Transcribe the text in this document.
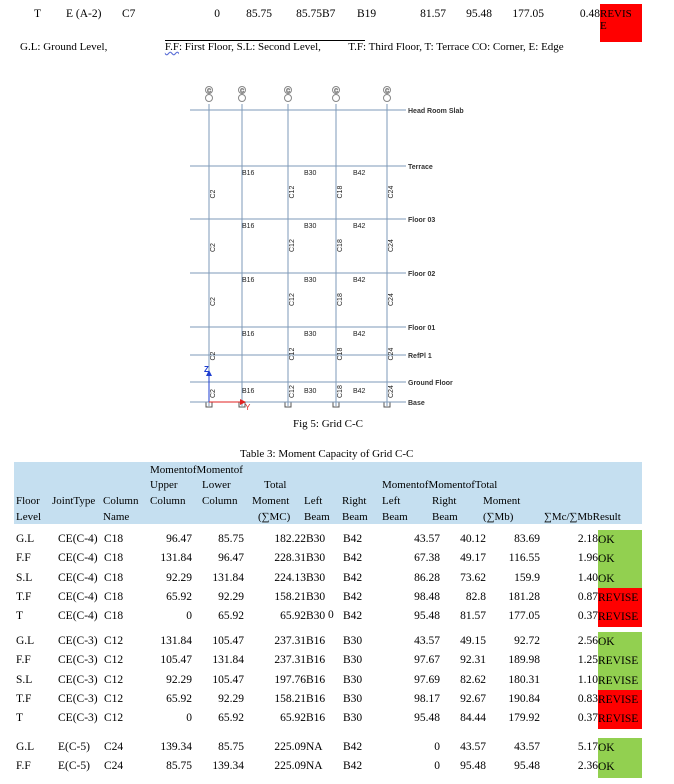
T E (A-2) C7	0	85.75	85.75 B7 B19	81.57	95.48	177.05	0.48 REVIS
E
G.L: Ground Level,	F.F: First Floor, S.L: Second Level, T.F: Third Floor, T: Terrace CO: Corner, E: Edge
C	C	C	C	C
Head Room Slab
Terrace
Floor 03
Floor 02
Floor 01
RefPl 1
Ground Floor
Base
B16	B30	B42
C2	C12	C18	C24
B16	B30	B42
C2	C12	C18	C24
B16	B30	B42
C2	C12	C18	C24
B16	B30	B42
C2	C12	C18	C24
B16	B30	B42
C2	C12	C18	C24
Z
Y
Fig 5: Grid C-C
Table 3: Moment Capacity of Grid C-C
MomentofMomentof
Upper Lower	Total	MomentofMomentofTotal
Floor JointType Column Column Column Moment Left Right Left	Right Moment
Level	Name	(∑MC) Beam Beam Beam Beam (∑Mb)	∑Mc/∑MbResult
G.L CE(C-4) C18	96.47	85.75	182.22 B30 B42	43.57 40.12 83.69	2.18 OK
F.F CE(C-4) C18	131.84	96.47	228.31 B30 B42	67.38 49.17 116.55	1.96 OK
S.L CE(C-4) C18	92.29	131.84	224.13 B30 B42	86.28 73.62 159.9	1.40 OK
T.F CE(C-4) C18	65.92	92.29	158.21 B30 B42	98.48 82.8 181.28	0.87 REVISE
T	CE(C-4) C18	0	65.92	65.92 B30 B42	95.48 81.57 177.05	0.37 REVISE
G.L CE(C-3) C12	131.84	105.47	237.31 B16 B30	43.57 49.15 92.72	2.56 OK
F.F CE(C-3) C12	105.47	131.84	237.31 B16 B30	97.67 92.31 189.98	1.25 REVISE
S.L CE(C-3) C12	92.29	105.47	197.76 B16 B30	97.69 82.62 180.31	1.10 REVISE
T.F CE(C-3) C12	65.92	92.29	158.21 B16 B30	98.17 92.67 190.84	0.83 REVISE
T	CE(C-3) C12	0	65.92	65.92 B16 B30	95.48 84.44 179.92	0.37 REVISE
G.L E(C-5) C24	139.34	85.75	225.09 NA B42	0 43.57 43.57	5.17 OK
F.F E(C-5) C24	85.75	139.34	225.09 NA B42	0 95.48 95.48	2.36 OK
0
